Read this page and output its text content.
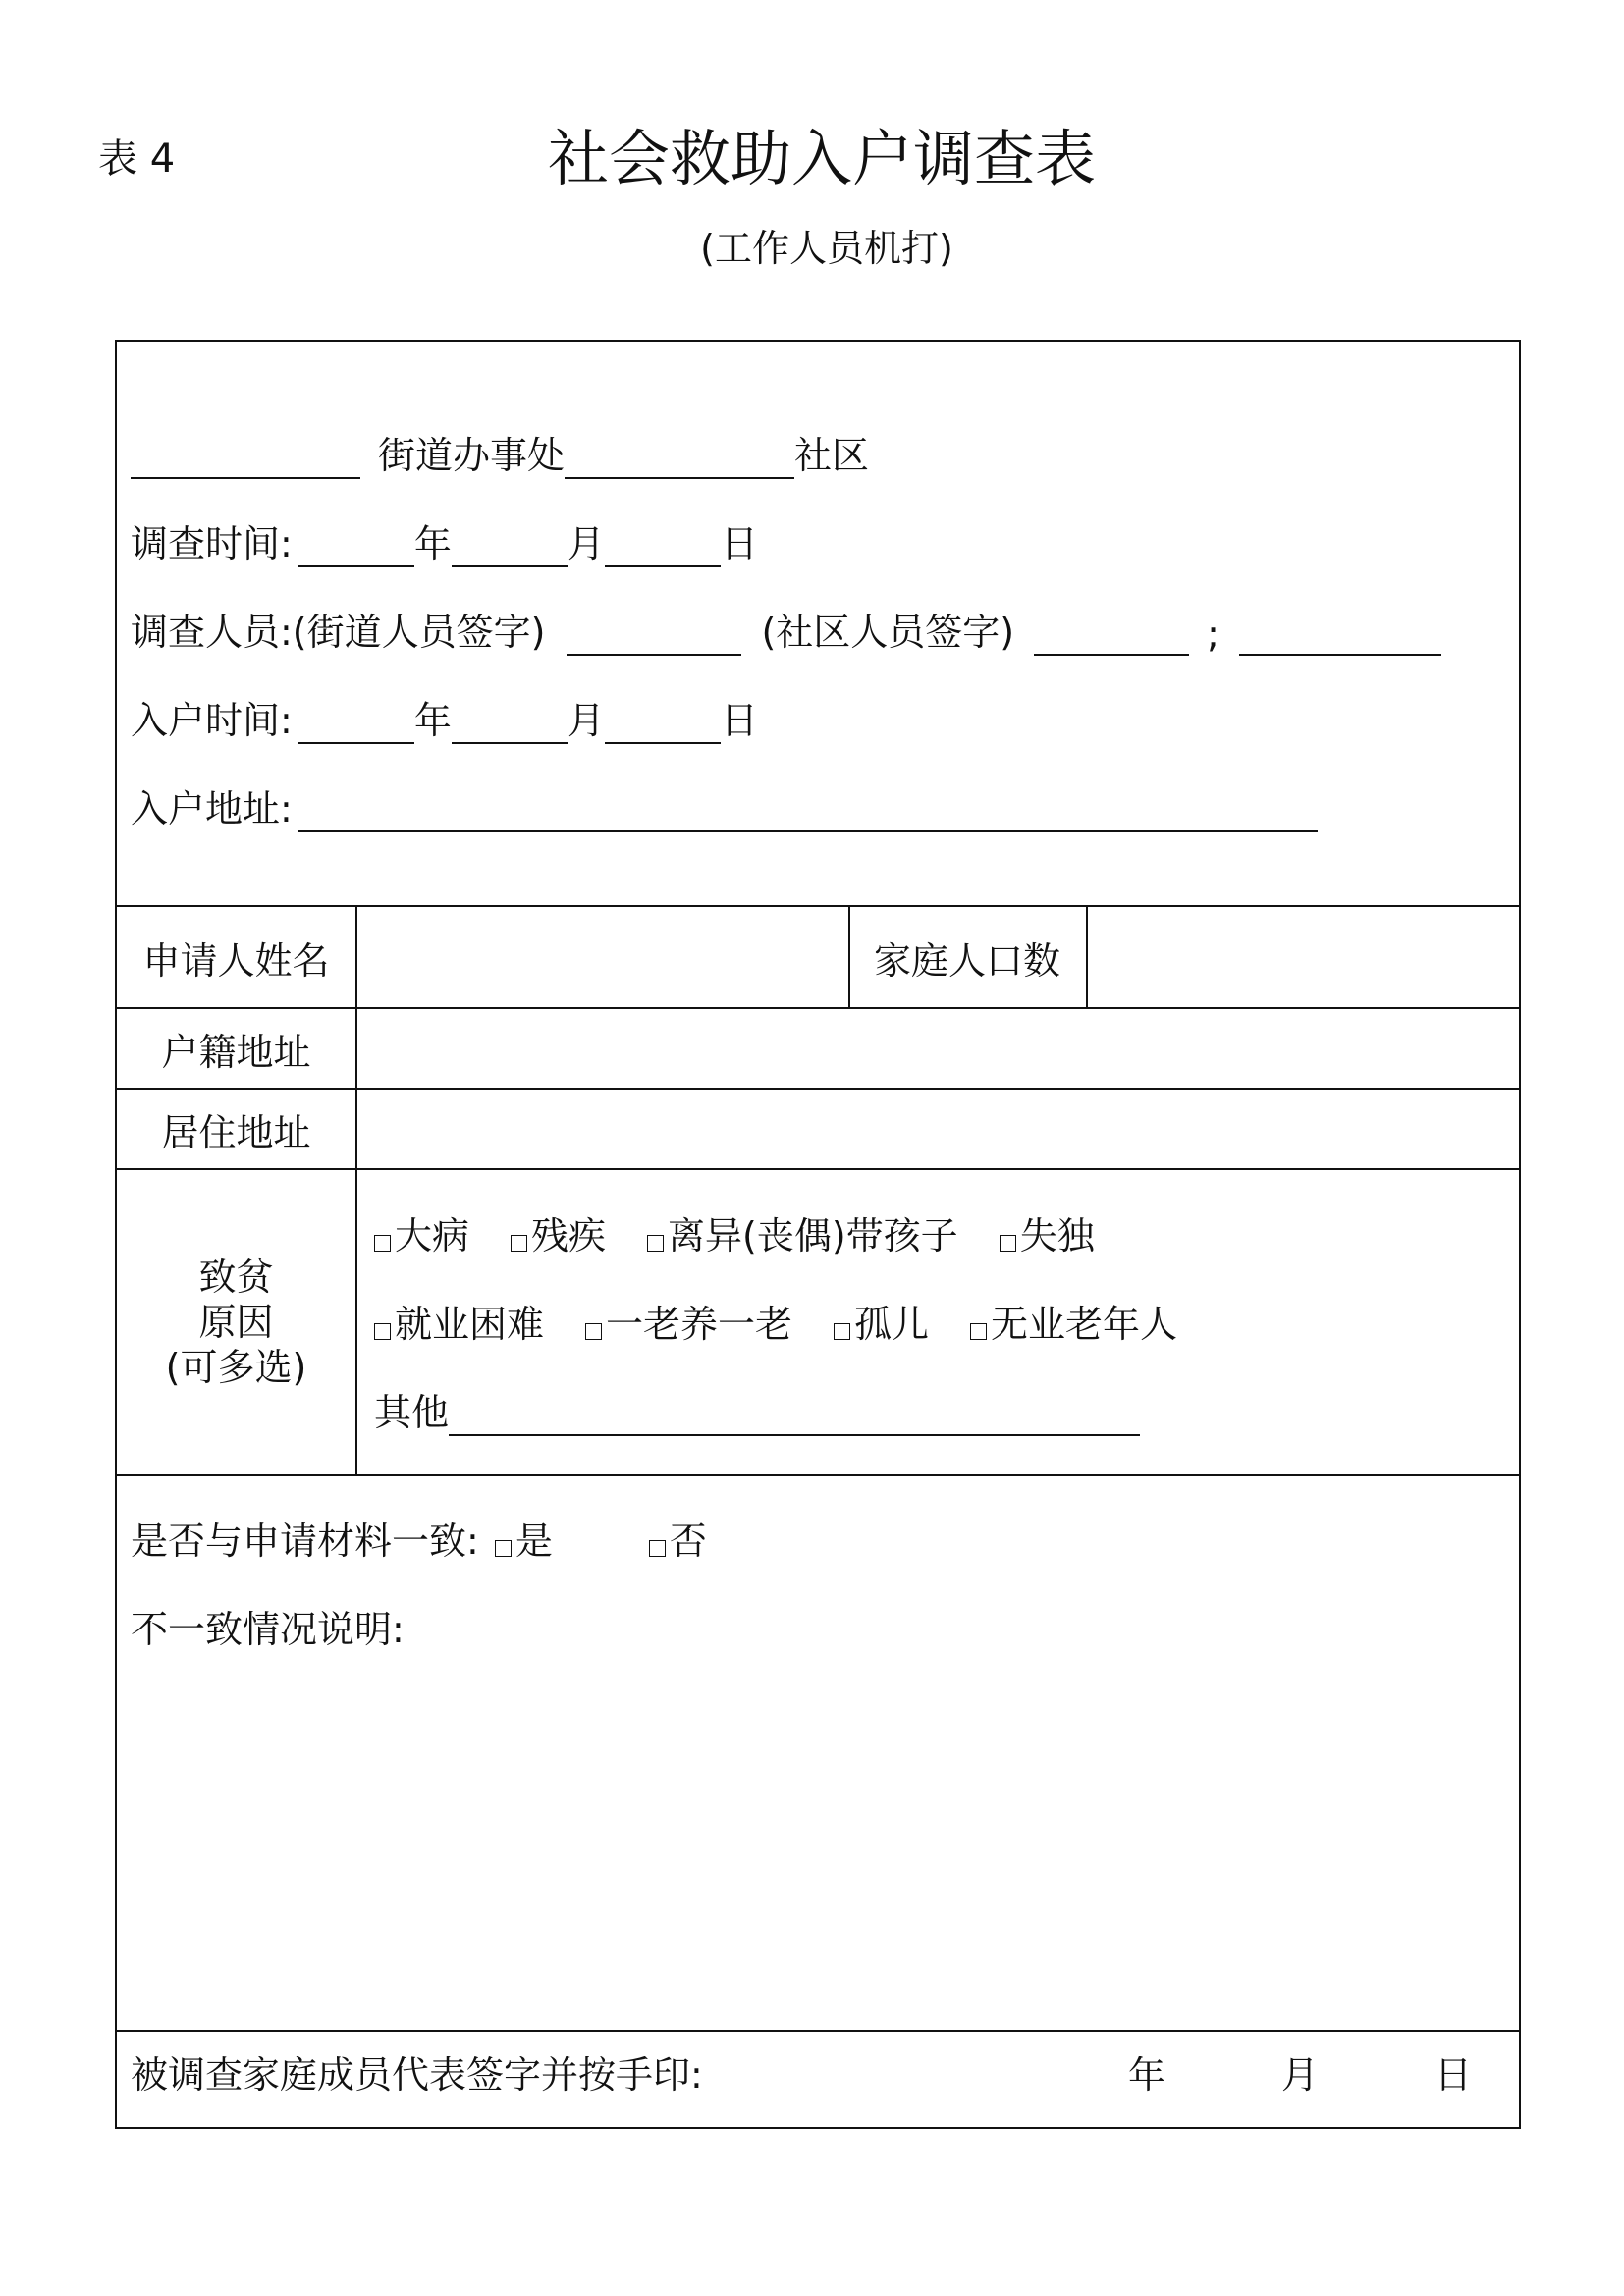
表 4	社会救助入户调查表
(工作人员机打)
街道办事处	社区
调查时间:	年	月	日
调查人员:(街道人员签字)	(社区人员签字)	;
入户时间:	年	月	日
入户地址:
申请人姓名	家庭人口数
户籍地址
居住地址
致贫
原因
(可多选)
大病 残疾 离异(丧偶)带孩子 失独
就业困难 一老养一老 孤儿 无业老年人
其他
是否与申请材料一致: 是	否
不一致情况说明:
被调查家庭成员代表签字并按手印:	年	月	日
